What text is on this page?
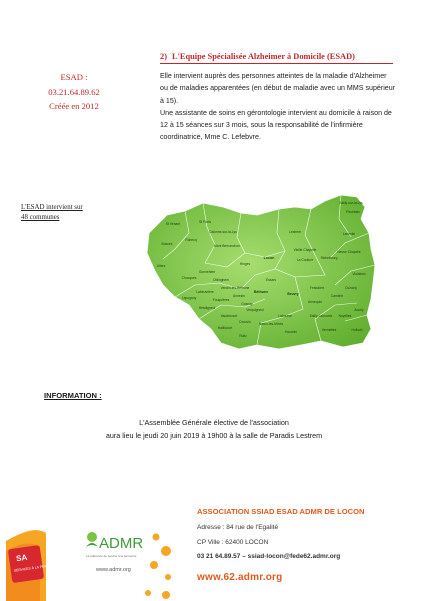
2) L'Equipe Spécialisée Alzheimer à Domicile (ESAD)
ESAD :
03.21.64.89.62
Créée en 2012

Elle intervient auprès des personnes atteintes de la maladie d'Alzheimer ou de maladies apparentées (en début de maladie avec un MMS supérieur à 15).

Une assistante de soins en gérontologie intervient au domicile à raison de 12 à 15 séances sur 3 mois, sous la responsabilité de l'infirmière coordinatrice, Mme C. Lefebvre.

L'ESAD intervient sur
48 communes
Sailly-sur-la-Lys
Fleurbaix
St Venant	St Floris
Calonne-sur-la-Lys	Laventie
Lestrem
Busnes
Robecq
Mont Bernanchon
Vieille Chapelle
La Couture Richebourg
Neuve Chapelle
Lillers	Hinges
Locon
Essars
Béthune	Beuvry
Festubert
Gonnehem
Chocques	Oblinghem
Vendin-lès-Béthune
Annezin
Labeuvrière
Fouquières
Verquigneul
Annequin
Cambrin
Cuinchy
Auchy
Noyelles
Sailly-Labourse
Vermelles
Hesdigneul
Labourse
Nœux-les-Mines
Drouvin
Houchin
Haillicourt
Ruitz
Vaudricourt
Gosnay
Lapugnoy
Hulluch
Violaines
INFORMATION :
L'Assemblée Générale élective de l'association
aura lieu le jeudi 20 juin 2019 à 19h00 à la salle de Paradis Lestrem
SA
SERVICES À LA PERSONNE
ADMR
La référence du service à la personne
www.admr.org
ASSOCIATION SSIAD ESAD ADMR DE LOCON
Adresse : 84 rue de l'Egalité
CP Ville : 62400 LOCON
03 21 64.89.57 – ssiad-locon@fede62.admr.org
www.62.admr.org
